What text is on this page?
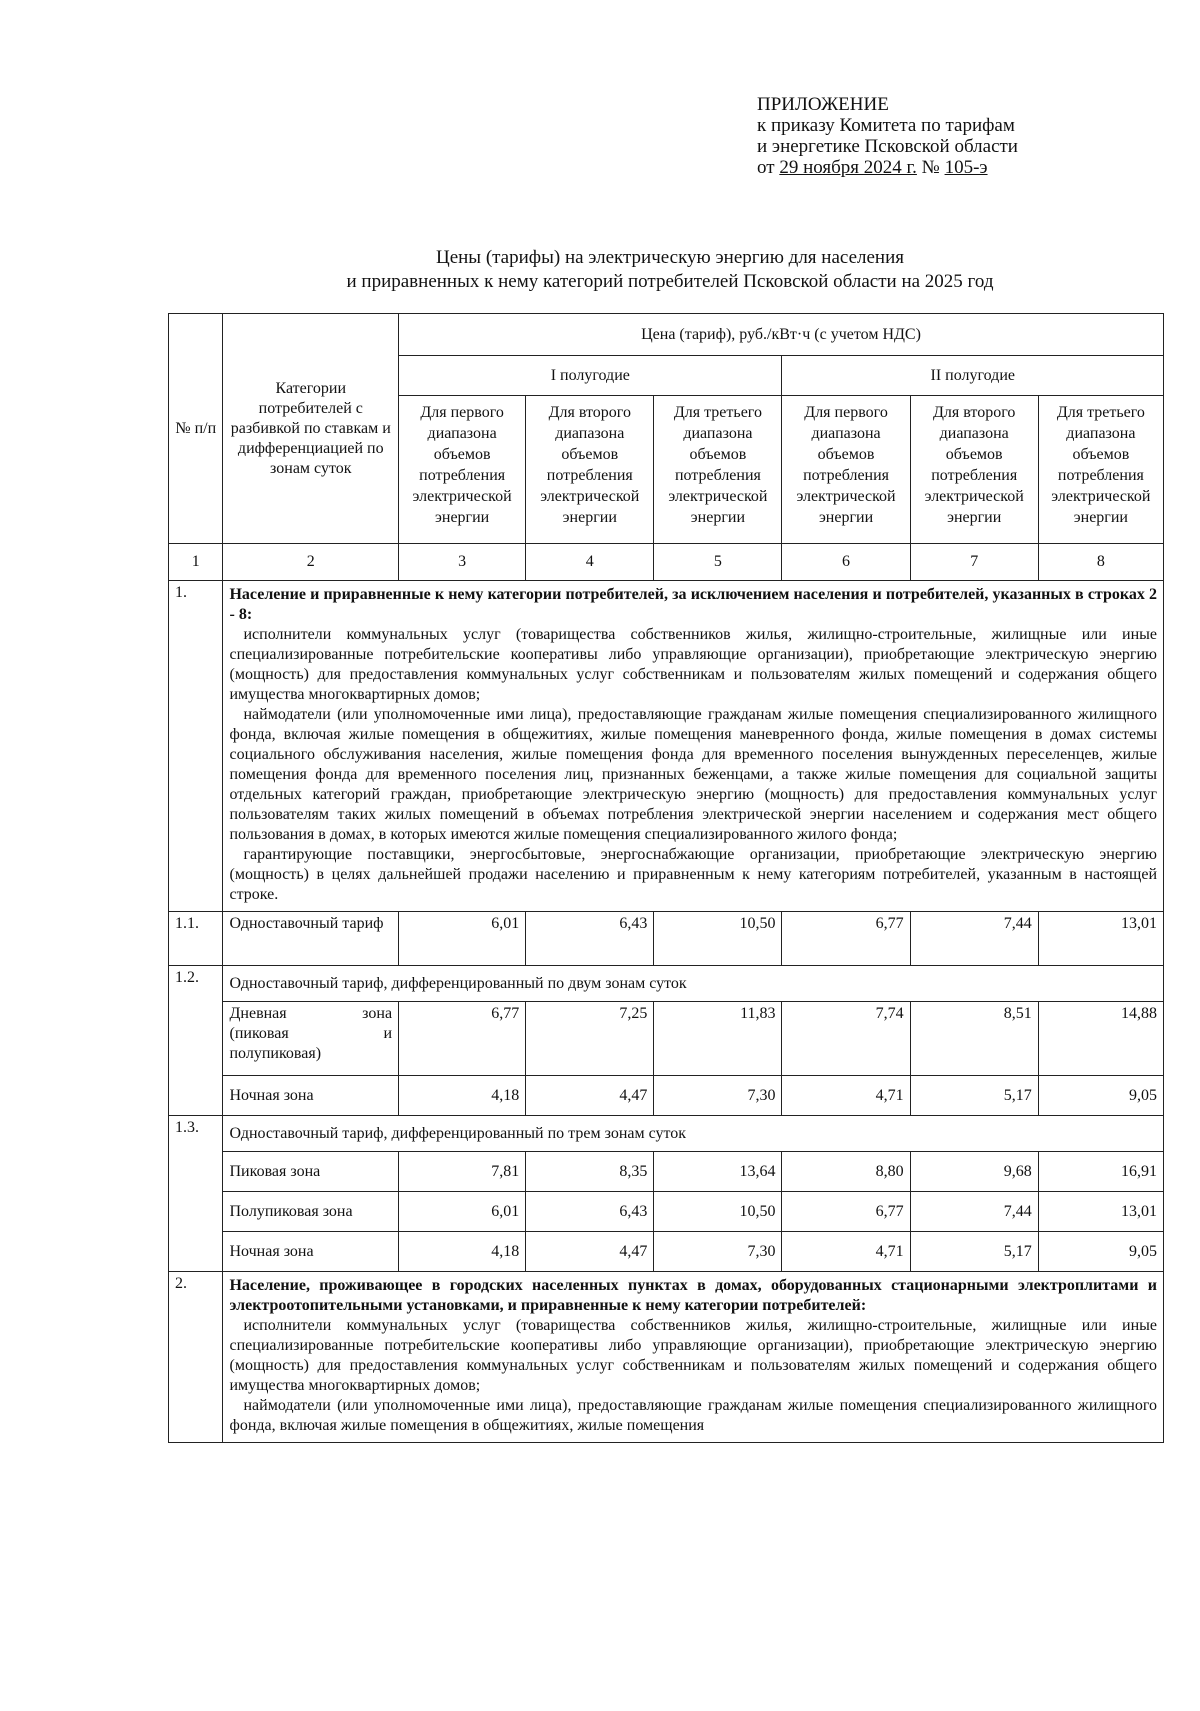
ПРИЛОЖЕНИЕ
к приказу Комитета по тарифам
и энергетике Псковской области
от 29 ноября 2024 г. № 105-э
Цены (тарифы) на электрическую энергию для населения
и приравненных к нему категорий потребителей Псковской области на 2025 год
№ п/п	Категории потребителей с разбивкой по ставкам и дифференциацией по зонам суток	Цена (тариф), руб./кВт·ч (с учетом НДС)					
		I полугодие			II полугодие		
		Для первого диапазона объемов потребления электрической энергии	Для второго диапазона объемов потребления электрической энергии	Для третьего диапазона объемов потребления электрической энергии	Для первого диапазона объемов потребления электрической энергии	Для второго диапазона объемов потребления электрической энергии	Для третьего диапазона объемов потребления электрической энергии
1	2	3	4	5	6	7	8
1.	Население и приравненные к нему категории потребителей, за исключением населения и потребителей, указанных в строках 2 - 8:
исполнители коммунальных услуг (товарищества собственников жилья, жилищно-строительные, жилищные или иные специализированные потребительские кооперативы либо управляющие организации), приобретающие электрическую энергию (мощность) для предоставления коммунальных услуг собственникам и пользователям жилых помещений и содержания общего имущества многоквартирных домов;
наймодатели (или уполномоченные ими лица), предоставляющие гражданам жилые помещения специализированного жилищного фонда, включая жилые помещения в общежитиях, жилые помещения маневренного фонда, жилые помещения в домах системы социального обслуживания населения, жилые помещения фонда для временного поселения вынужденных переселенцев, жилые помещения фонда для временного поселения лиц, признанных беженцами, а также жилые помещения для социальной защиты отдельных категорий граждан, приобретающие электрическую энергию (мощность) для предоставления коммунальных услуг пользователям таких жилых помещений в объемах потребления электрической энергии населением и содержания мест общего пользования в домах, в которых имеются жилые помещения специализированного жилого фонда;
гарантирующие поставщики, энергосбытовые, энергоснабжающие организации, приобретающие электрическую энергию (мощность) в целях дальнейшей продажи населению и приравненным к нему категориям потребителей, указанным в настоящей строке.						

1.1.	Одноставочный тариф	6,01	6,43	10,50	6,77	7,44	13,01
1.2.	Одноставочный тариф, дифференцированный по двум зонам суток						

	Дневная зона
(пиковая и
полупиковая)	6,77	7,25	11,83	7,74	8,51	14,88
	Ночная зона	4,18	4,47	7,30	4,71	5,17	9,05
1.3.	Одноставочный тариф, дифференцированный по трем зонам суток						
	Пиковая зона	7,81	8,35	13,64	8,80	9,68	16,91
	Полупиковая зона	6,01	6,43	10,50	6,77	7,44	13,01
	Ночная зона	4,18	4,47	7,30	4,71	5,17	9,05
2.	Население, проживающее в городских населенных пунктах в домах, оборудованных стационарными электроплитами и электроотопительными установками, и приравненные к нему категории потребителей:
исполнители коммунальных услуг (товарищества собственников жилья, жилищно-строительные, жилищные или иные специализированные потребительские кооперативы либо управляющие организации), приобретающие электрическую энергию (мощность) для предоставления коммунальных услуг собственникам и пользователям жилых помещений и содержания общего имущества многоквартирных домов;
наймодатели (или уполномоченные ими лица), предоставляющие гражданам жилые помещения специализированного жилищного фонда, включая жилые помещения в общежитиях, жилые помещения						
